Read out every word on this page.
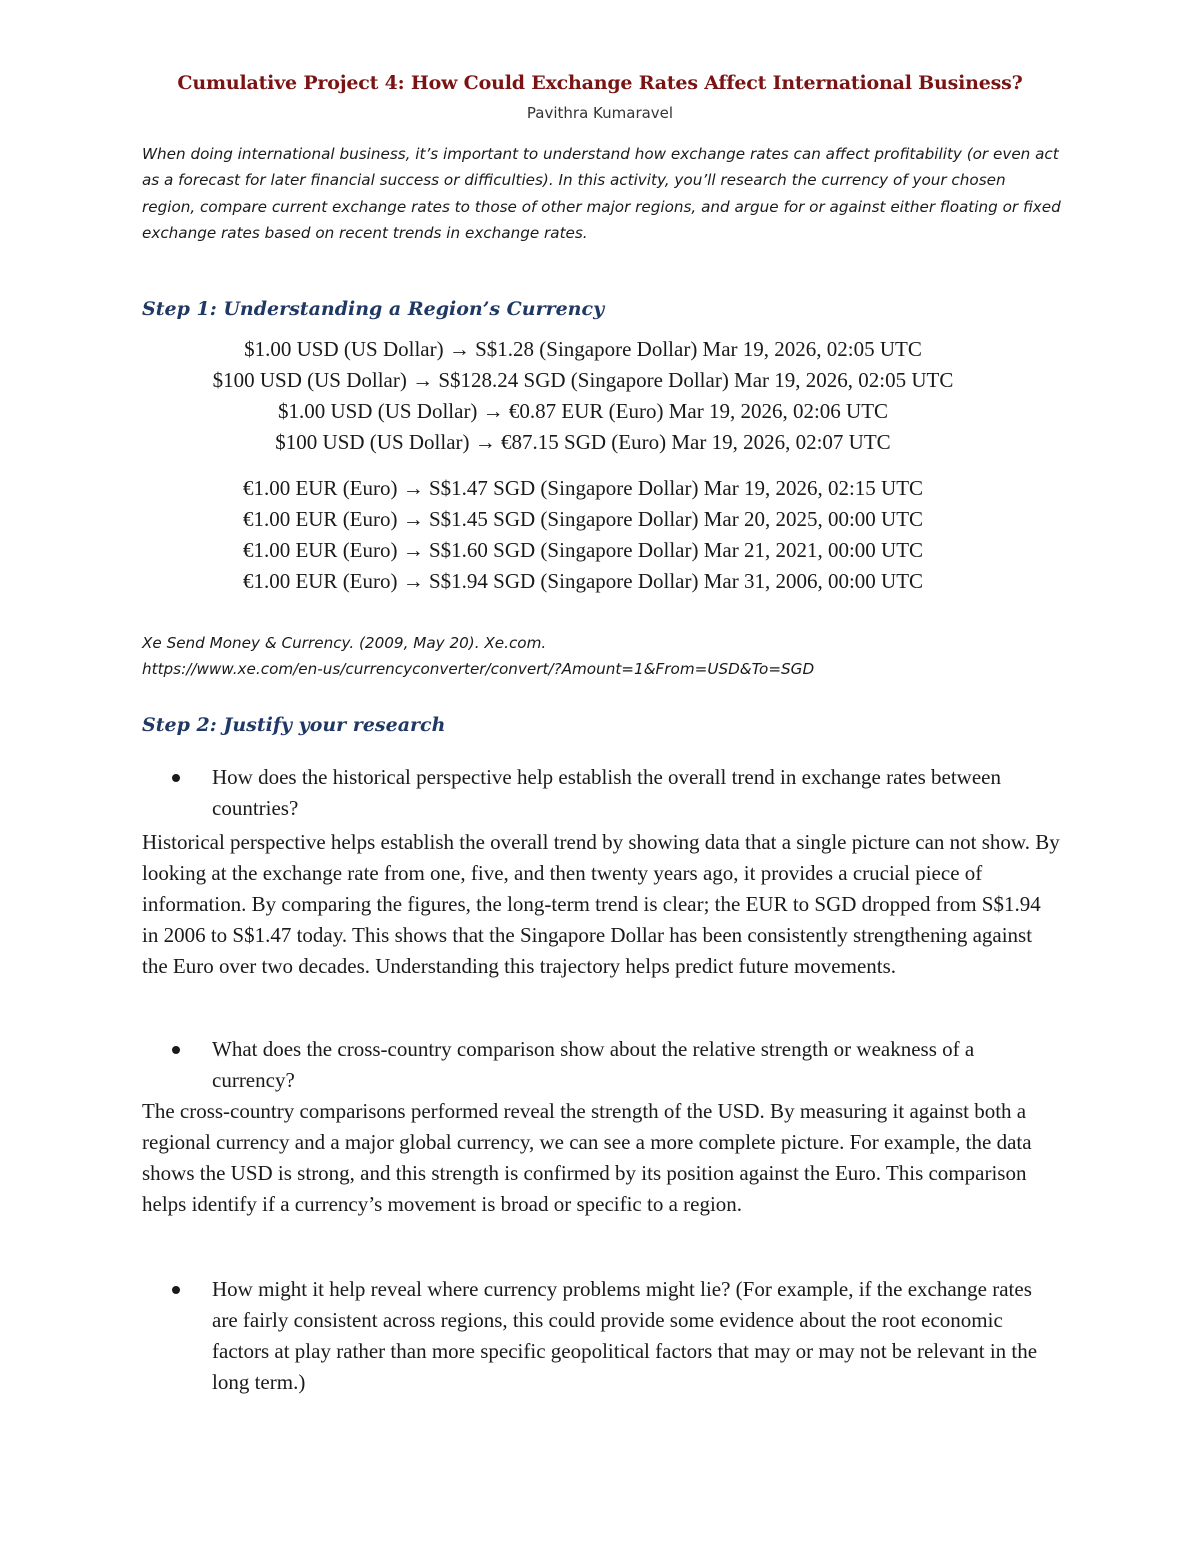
Cumulative Project 4: How Could Exchange Rates Affect International Business?
Pavithra Kumaravel

When doing international business, it’s important to understand how exchange rates can affect profitability (or even act as a forecast for later financial success or difficulties). In this activity, you’ll research the currency of your chosen region, compare current exchange rates to those of other major regions, and argue for or against either floating or fixed exchange rates based on recent trends in exchange rates.

Step 1: Understanding a Region’s Currency
$1.00 USD (US Dollar) → S$1.28 (Singapore Dollar) Mar 19, 2026, 02:05 UTC
$100 USD (US Dollar) → S$128.24 SGD (Singapore Dollar) Mar 19, 2026, 02:05 UTC
$1.00 USD (US Dollar) → €0.87 EUR (Euro) Mar 19, 2026, 02:06 UTC
$100 USD (US Dollar) → €87.15 SGD (Euro) Mar 19, 2026, 02:07 UTC
€1.00 EUR (Euro) → S$1.47 SGD (Singapore Dollar) Mar 19, 2026, 02:15 UTC
€1.00 EUR (Euro) → S$1.45 SGD (Singapore Dollar) Mar 20, 2025, 00:00 UTC
€1.00 EUR (Euro) → S$1.60 SGD (Singapore Dollar) Mar 21, 2021, 00:00 UTC
€1.00 EUR (Euro) → S$1.94 SGD (Singapore Dollar) Mar 31, 2006, 00:00 UTC
Xe Send Money & Currency. (2009, May 20). Xe.com.
https://www.xe.com/en-us/currencyconverter/convert/?Amount=1&From=USD&To=SGD
Step 2: Justify your research
How does the historical perspective help establish the overall trend in exchange rates between countries?

Historical perspective helps establish the overall trend by showing data that a single picture can not show. By looking at the exchange rate from one, five, and then twenty years ago, it provides a crucial piece of information. By comparing the figures, the long-term trend is clear; the EUR to SGD dropped from S$1.94 in 2006 to S$1.47 today. This shows that the Singapore Dollar has been consistently strengthening against the Euro over two decades. Understanding this trajectory helps predict future movements.

What does the cross-country comparison show about the relative strength or weakness of a currency?

The cross-country comparisons performed reveal the strength of the USD. By measuring it against both a regional currency and a major global currency, we can see a more complete picture. For example, the data shows the USD is strong, and this strength is confirmed by its position against the Euro. This comparison helps identify if a currency’s movement is broad or specific to a region.

How might it help reveal where currency problems might lie? (For example, if the exchange rates are fairly consistent across regions, this could provide some evidence about the root economic factors at play rather than more specific geopolitical factors that may or may not be relevant in the long term.)
